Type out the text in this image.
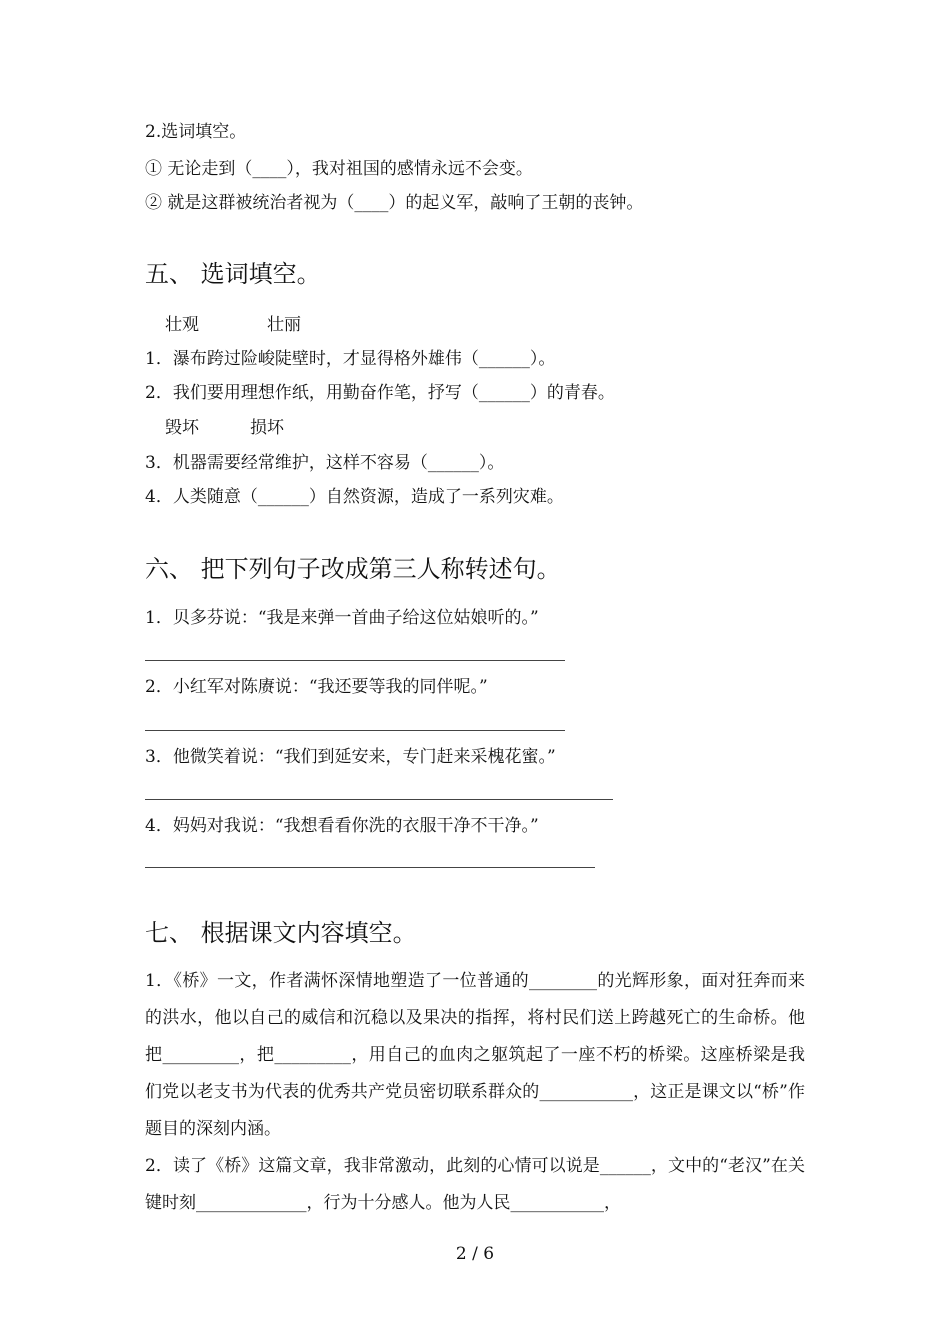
2.选词填空。
① 无论走到（____），我对祖国的感情永远不会变。
② 就是这群被统治者视为（____）的起义军，敲响了王朝的丧钟。
五、 选词填空。
壮观　　　　壮丽
1．瀑布跨过险峻陡壁时，才显得格外雄伟（______）。
2．我们要用理想作纸，用勤奋作笔，抒写（______）的青春。
毁坏　　　损坏
3．机器需要经常维护，这样不容易（______）。
4．人类随意（______）自然资源，造成了一系列灾难。
六、 把下列句子改成第三人称转述句。
1．贝多芬说：“我是来弹一首曲子给这位姑娘听的。”
2．小红军对陈赓说：“我还要等我的同伴呢。”
3．他微笑着说：“我们到延安来，专门赶来采槐花蜜。”
4．妈妈对我说：“我想看看你洗的衣服干净不干净。”
七、 根据课文内容填空。

1．《桥》一文，作者满怀深情地塑造了一位普通的________的光辉形象，面对狂奔而来的洪水，他以自己的威信和沉稳以及果决的指挥，将村民们送上跨越死亡的生命桥。他把_________，把_________，用自己的血肉之躯筑起了一座不朽的桥梁。这座桥梁是我们党以老支书为代表的优秀共产党员密切联系群众的___________，这正是课文以“桥”作题目的深刻内涵。

2．读了《桥》这篇文章，我非常激动，此刻的心情可以说是______，文中的“老汉”在关键时刻_____________，行为十分感人。他为人民___________，

2 / 6
